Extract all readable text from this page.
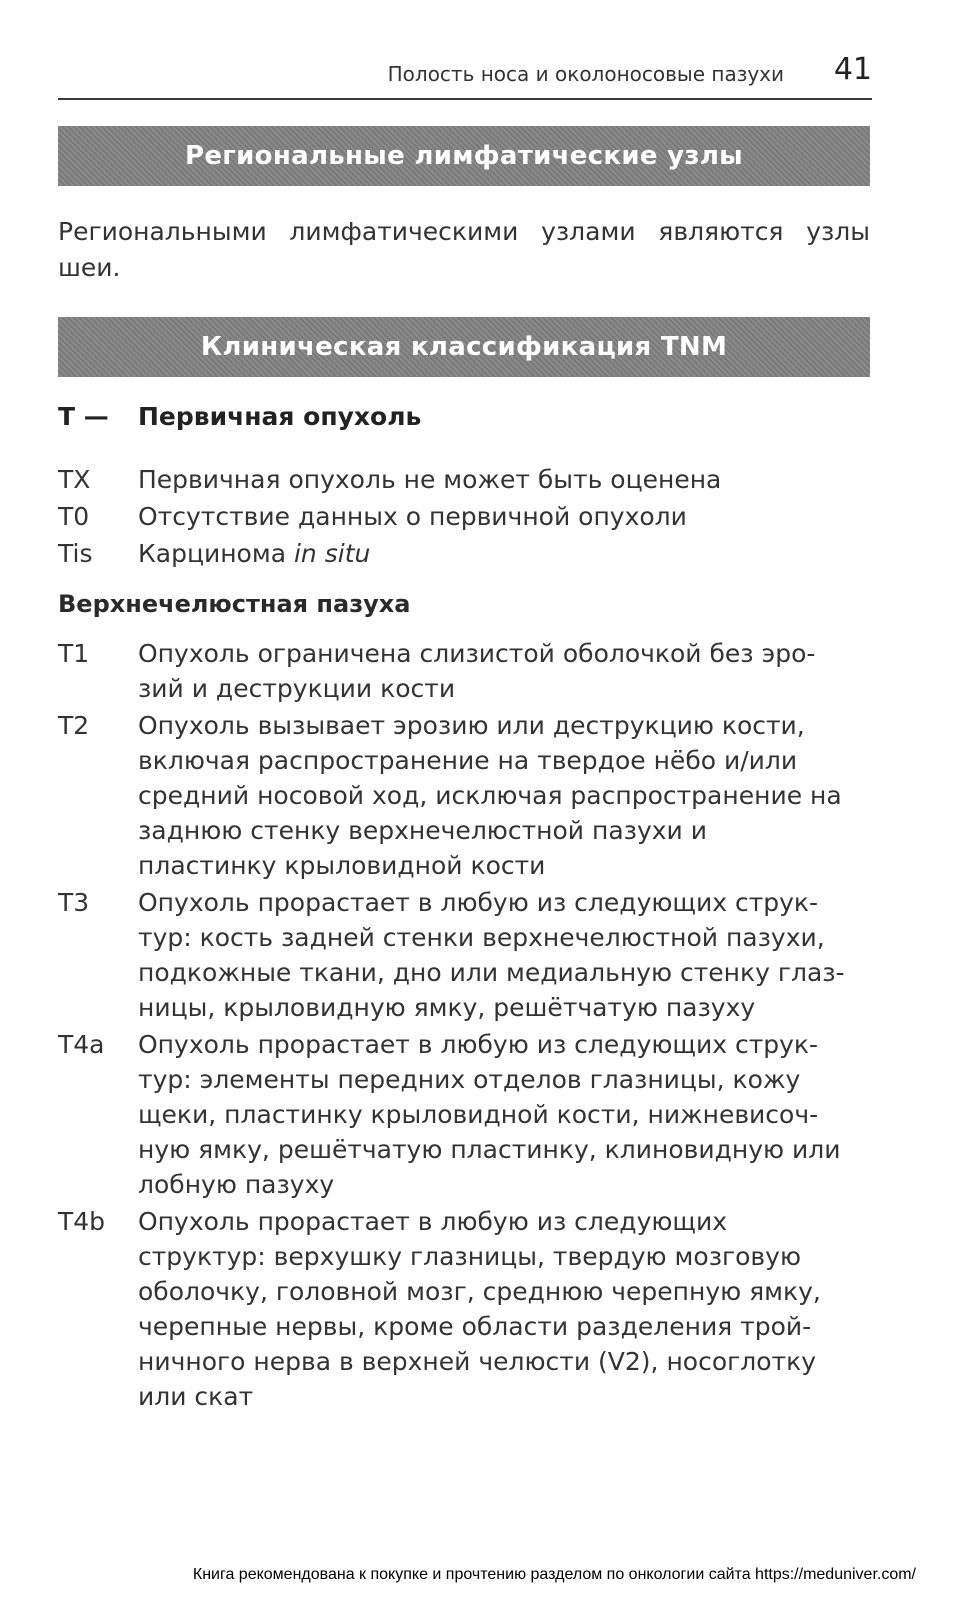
Полость носа и околоносовые пазухи 41
Региональные лимфатические узлы

Региональными лимфатическими узлами являются узлы шеи.

Клиническая классификация TNM
T — Первичная опухоль
TX	Первичная опухоль не может быть оценена
T0	Отсутствие данных о первичной опухоли
Tis	Карцинома in situ
Верхнечелюстная пазуха
T1	Опухоль ограничена слизистой оболочкой без эро-зий и деструкции кости
T2	Опухоль вызывает эрозию или деструкцию кости, включая распространение на твердое нёбо и/или средний носовой ход, исключая распространение на заднюю стенку верхнечелюстной пазухи и пластинку крыловидной кости
T3	Опухоль прорастает в любую из следующих струк-тур: кость задней стенки верхнечелюстной пазухи, подкожные ткани, дно или медиальную стенку глаз-ницы, крыловидную ямку, решётчатую пазуху
T4a	Опухоль прорастает в любую из следующих струк-тур: элементы передних отделов глазницы, кожу щеки, пластинку крыловидной кости, нижневисоч-ную ямку, решётчатую пластинку, клиновидную или лобную пазуху
T4b	Опухоль прорастает в любую из следующих структур: верхушку глазницы, твердую мозговую оболочку, головной мозг, среднюю черепную ямку, черепные нервы, кроме области разделения трой-ничного нерва в верхней челюсти (V2), носоглотку или скат
Книга рекомендована к покупке и прочтению разделом по онкологии сайта https://meduniver.com/
